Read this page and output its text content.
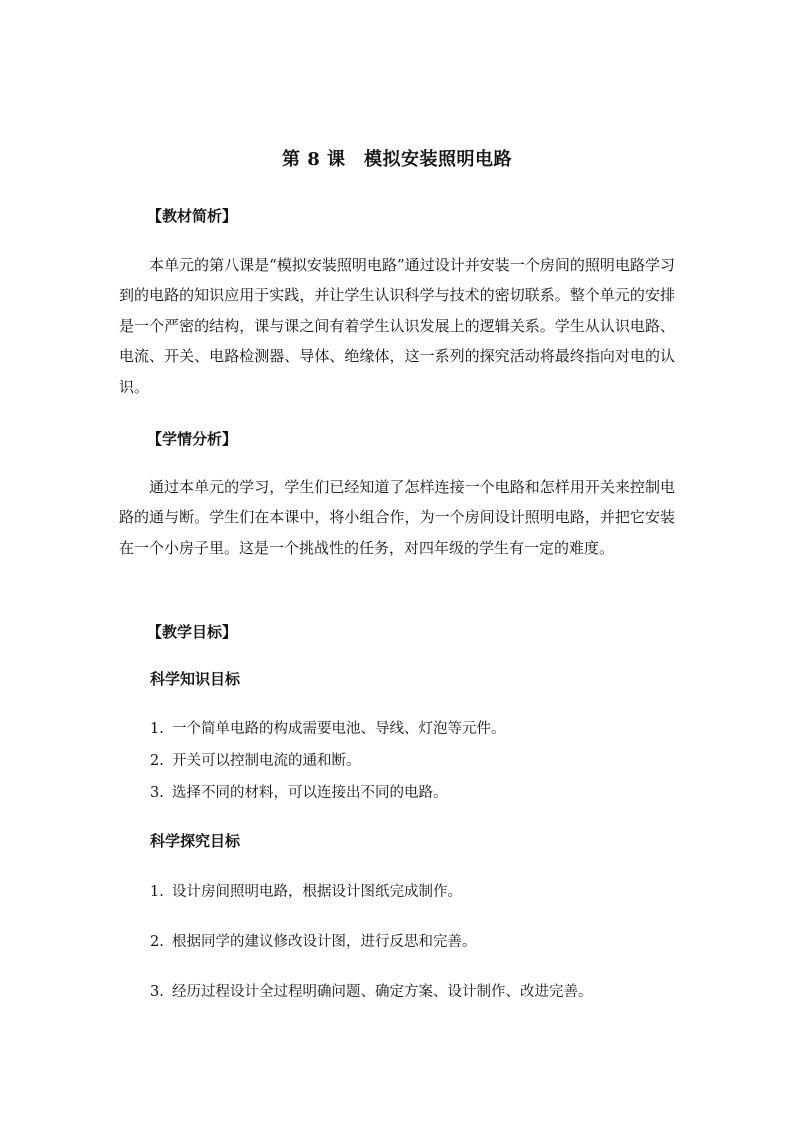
第 8 课　模拟安装照明电路
【教材简析】
本单元的第八课是“模拟安装照明电路”通过设计并安装一个房间的照明电路学习到的电路的知识应用于实践，并让学生认识科学与技术的密切联系。整个单元的安排是一个严密的结构，课与课之间有着学生认识发展上的逻辑关系。学生从认识电路、电流、开关、电路检测器、导体、绝缘体，这一系列的探究活动将最终指向对电的认识。
【学情分析】
通过本单元的学习，学生们已经知道了怎样连接一个电路和怎样用开关来控制电路的通与断。学生们在本课中，将小组合作，为一个房间设计照明电路，并把它安装在一个小房子里。这是一个挑战性的任务，对四年级的学生有一定的难度。
【教学目标】
科学知识目标
1. 一个简单电路的构成需要电池、导线、灯泡等元件。
2. 开关可以控制电流的通和断。
3. 选择不同的材料，可以连接出不同的电路。
科学探究目标
1. 设计房间照明电路，根据设计图纸完成制作。
2. 根据同学的建议修改设计图，进行反思和完善。
3. 经历过程设计全过程明确问题、确定方案、设计制作、改进完善。
